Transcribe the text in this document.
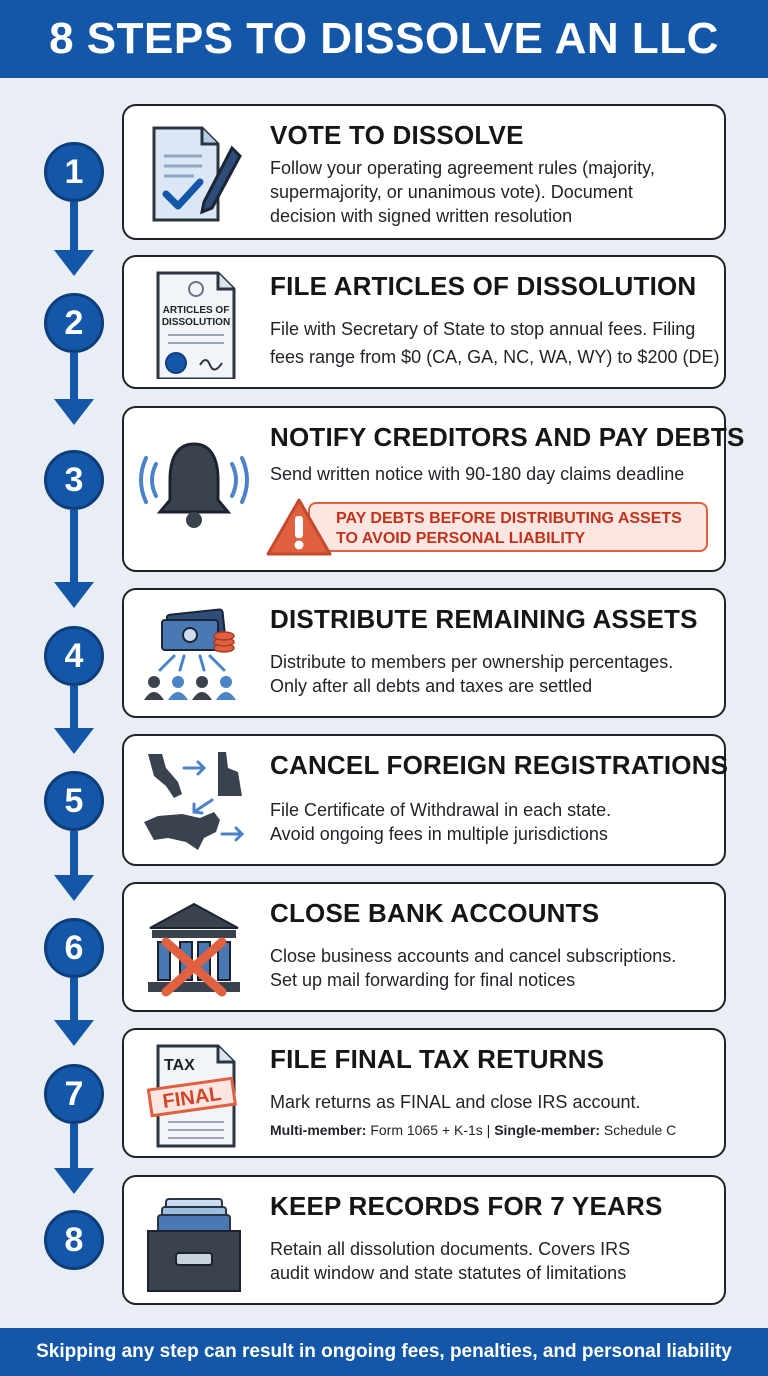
8 STEPS TO DISSOLVE AN LLC
1
2
3
4
5
6
7
8
VOTE TO DISSOLVE

Follow your operating agreement rules (majority,

supermajority, or unanimous vote). Document

decision with signed written resolution

ARTICLES OF
DISSOLUTION
FILE ARTICLES OF DISSOLUTION

File with Secretary of State to stop annual fees. Filing

fees range from $0 (CA, GA, NC, WA, WY) to $200 (DE)

NOTIFY CREDITORS AND PAY DEBTS

Send written notice with 90-180 day claims deadline

PAY DEBTS BEFORE DISTRIBUTING ASSETS

TO AVOID PERSONAL LIABILITY

DISTRIBUTE REMAINING ASSETS

Distribute to members per ownership percentages.

Only after all debts and taxes are settled

CANCEL FOREIGN REGISTRATIONS

File Certificate of Withdrawal in each state.

Avoid ongoing fees in multiple jurisdictions

CLOSE BANK ACCOUNTS

Close business accounts and cancel subscriptions.

Set up mail forwarding for final notices

TAX
FINAL
FILE FINAL TAX RETURNS

Mark returns as FINAL and close IRS account.

Multi-member: Form 1065 + K-1s | Single-member: Schedule C

KEEP RECORDS FOR 7 YEARS

Retain all dissolution documents. Covers IRS

audit window and state statutes of limitations

Skipping any step can result in ongoing fees, penalties, and personal liability
